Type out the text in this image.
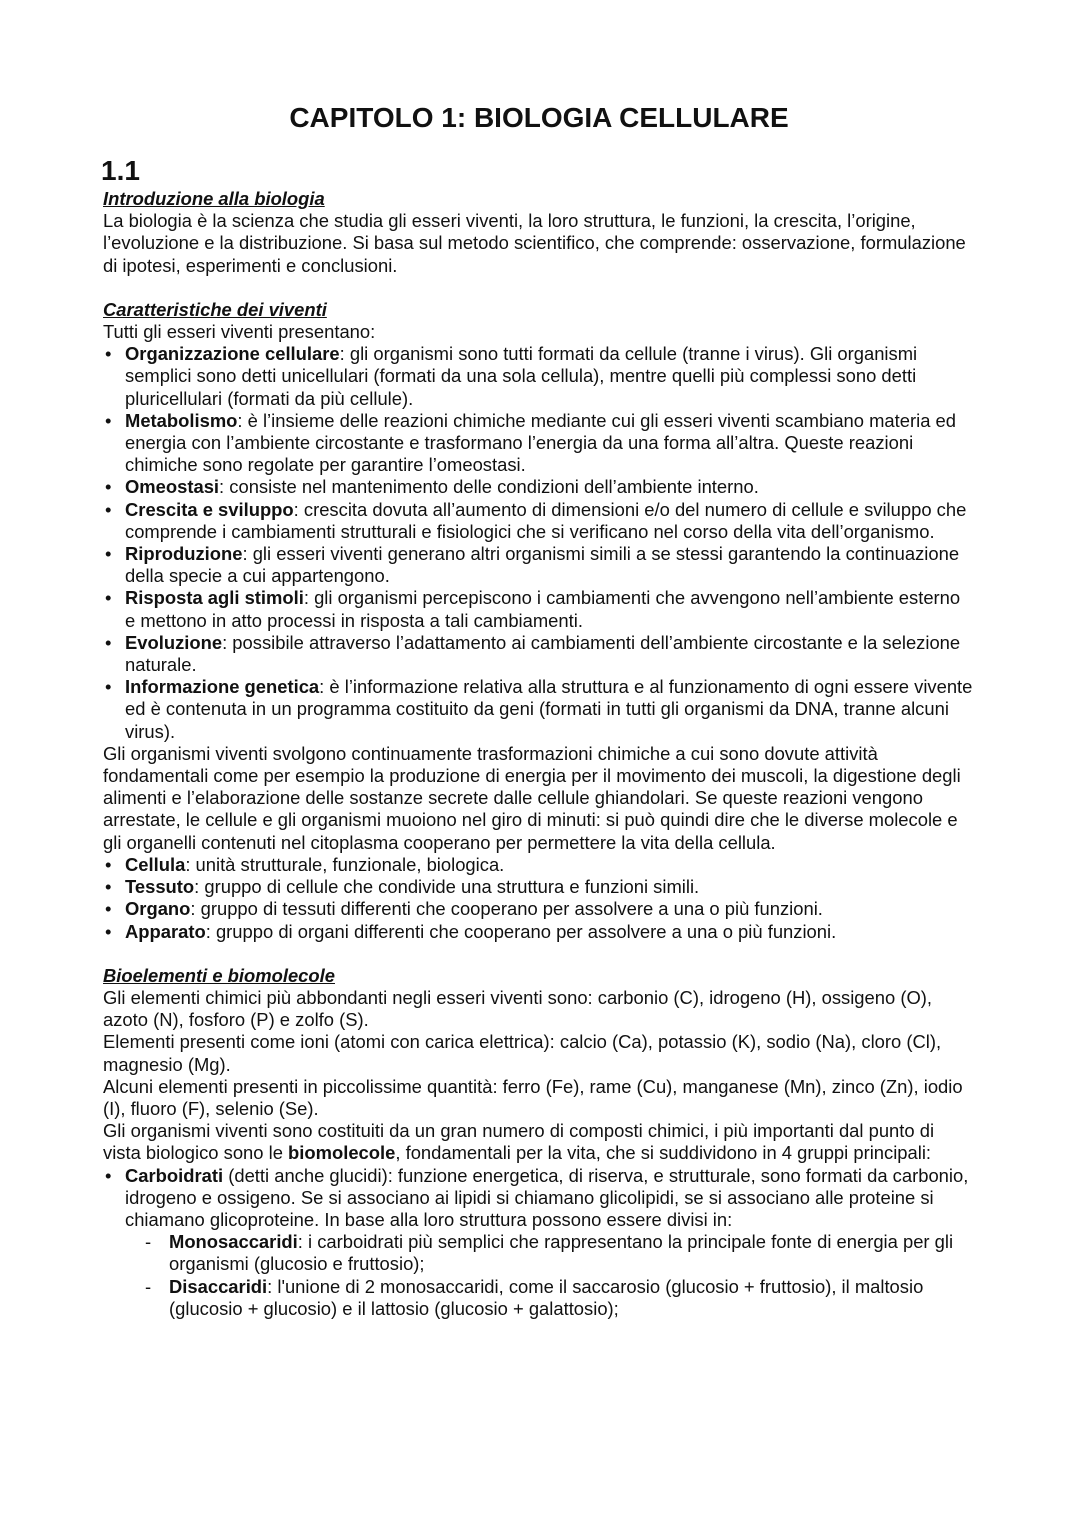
CAPITOLO 1: BIOLOGIA CELLULARE
1.1

Introduzione alla biologia

La biologia è la scienza che studia gli esseri viventi, la loro struttura, le funzioni, la crescita, l’origine, l’evoluzione e la distribuzione. Si basa sul metodo scientifico, che comprende: osservazione, formulazione di ipotesi, esperimenti e conclusioni.

Caratteristiche dei viventi

Tutti gli esseri viventi presentano:

• Organizzazione cellulare: gli organismi sono tutti formati da cellule (tranne i virus). Gli organismi semplici sono detti unicellulari (formati da una sola cellula), mentre quelli più complessi sono detti pluricellulari (formati da più cellule).
• Metabolismo: è l’insieme delle reazioni chimiche mediante cui gli esseri viventi scambiano materia ed energia con l’ambiente circostante e trasformano l’energia da una forma all’altra. Queste reazioni chimiche sono regolate per garantire l’omeostasi.
• Omeostasi: consiste nel mantenimento delle condizioni dell’ambiente interno.
• Crescita e sviluppo: crescita dovuta all’aumento di dimensioni e/o del numero di cellule e sviluppo che comprende i cambiamenti strutturali e fisiologici che si verificano nel corso della vita dell’organismo.
• Riproduzione: gli esseri viventi generano altri organismi simili a se stessi garantendo la continuazione della specie a cui appartengono.
• Risposta agli stimoli: gli organismi percepiscono i cambiamenti che avvengono nell’ambiente esterno e mettono in atto processi in risposta a tali cambiamenti.
• Evoluzione: possibile attraverso l’adattamento ai cambiamenti dell’ambiente circostante e la selezione naturale.
• Informazione genetica: è l’informazione relativa alla struttura e al funzionamento di ogni essere vivente ed è contenuta in un programma costituito da geni (formati in tutti gli organismi da DNA, tranne alcuni virus).

Gli organismi viventi svolgono continuamente trasformazioni chimiche a cui sono dovute attività fondamentali come per esempio la produzione di energia per il movimento dei muscoli, la digestione degli alimenti e l’elaborazione delle sostanze secrete dalle cellule ghiandolari. Se queste reazioni vengono arrestate, le cellule e gli organismi muoiono nel giro di minuti: si può quindi dire che le diverse molecole e gli organelli contenuti nel citoplasma cooperano per permettere la vita della cellula.

• Cellula: unità strutturale, funzionale, biologica.
• Tessuto: gruppo di cellule che condivide una struttura e funzioni simili.
• Organo: gruppo di tessuti differenti che cooperano per assolvere a una o più funzioni.
• Apparato: gruppo di organi differenti che cooperano per assolvere a una o più funzioni.

Bioelementi e biomolecole

Gli elementi chimici più abbondanti negli esseri viventi sono: carbonio (C), idrogeno (H), ossigeno (O), azoto (N), fosforo (P) e zolfo (S).

Elementi presenti come ioni (atomi con carica elettrica): calcio (Ca), potassio (K), sodio (Na), cloro (Cl), magnesio (Mg).

Alcuni elementi presenti in piccolissime quantità: ferro (Fe), rame (Cu), manganese (Mn), zinco (Zn), iodio (I), fluoro (F), selenio (Se).

Gli organismi viventi sono costituiti da un gran numero di composti chimici, i più importanti dal punto di vista biologico sono le biomolecole, fondamentali per la vita, che si suddividono in 4 gruppi principali:

• Carboidrati (detti anche glucidi): funzione energetica, di riserva, e strutturale, sono formati da carbonio, idrogeno e ossigeno. Se si associano ai lipidi si chiamano glicolipidi, se si associano alle proteine si chiamano glicoproteine. In base alla loro struttura possono essere divisi in:
- Monosaccaridi: i carboidrati più semplici che rappresentano la principale fonte di energia per gli organismi (glucosio e fruttosio);
- Disaccaridi: l'unione di 2 monosaccaridi, come il saccarosio (glucosio + fruttosio), il maltosio (glucosio + glucosio) e il lattosio (glucosio + galattosio);
